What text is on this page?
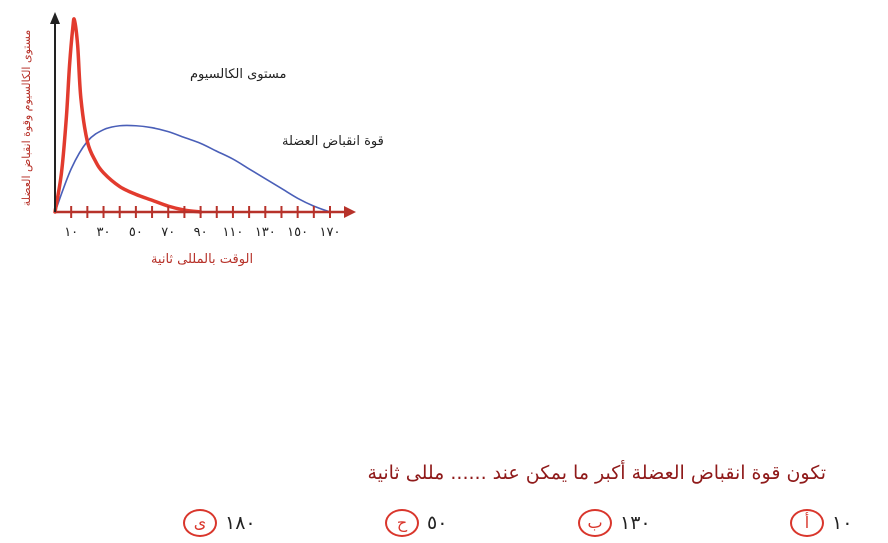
١٠ ٣٠ ٥٠ ٧٠ ٩٠ ١١٠ ١٣٠ ١٥٠ ١٧٠
الوقت بالمللى ثانية
مستوى الكالسيوم وقوة انقباض العضلة	مستوى الكالسيوم
قوة انقباض العضلة
تكون قوة انقباض العضلة أكبر ما يمكن عند ...... مللى ثانية
أ	١٠
ب ١٣٠
ح	٥٠
ى ١٨٠
